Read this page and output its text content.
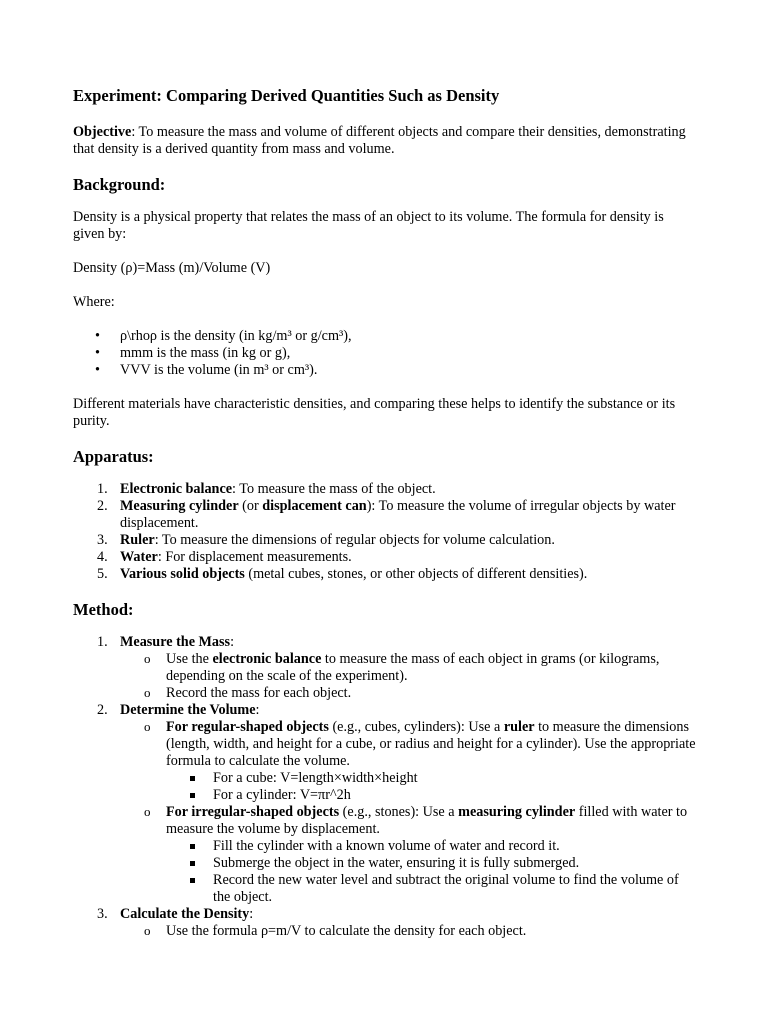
Experiment: Comparing Derived Quantities Such as Density

Objective: To measure the mass and volume of different objects and compare their densities, demonstrating that density is a derived quantity from mass and volume.

Background:

Density is a physical property that relates the mass of an object to its volume. The formula for density is given by:

Density (ρ)=Mass (m)/Volume (V)

Where:

• ρ\rhoρ is the density (in kg/m³ or g/cm³),
• mmm is the mass (in kg or g),
• VVV is the volume (in m³ or cm³).

Different materials have characteristic densities, and comparing these helps to identify the substance or its purity.

Apparatus:
1. Electronic balance: To measure the mass of the object.
2. Measuring cylinder (or displacement can): To measure the volume of irregular objects by water displacement.
3. Ruler: To measure the dimensions of regular objects for volume calculation.
4. Water: For displacement measurements.
5. Various solid objects (metal cubes, stones, or other objects of different densities).
Method:
1. Measure the Mass:
o Use the electronic balance to measure the mass of each object in grams (or kilograms, depending on the scale of the experiment).
o Record the mass for each object.
2. Determine the Volume:
o For regular-shaped objects (e.g., cubes, cylinders): Use a ruler to measure the dimensions (length, width, and height for a cube, or radius and height for a cylinder). Use the appropriate formula to calculate the volume.
For a cube: V=length×width×height
For a cylinder: V=πr^2h
o For irregular-shaped objects (e.g., stones): Use a measuring cylinder filled with water to measure the volume by displacement.
Fill the cylinder with a known volume of water and record it.
Submerge the object in the water, ensuring it is fully submerged.
Record the new water level and subtract the original volume to find the volume of the object.
3. Calculate the Density:
o Use the formula ρ=m/V to calculate the density for each object.
